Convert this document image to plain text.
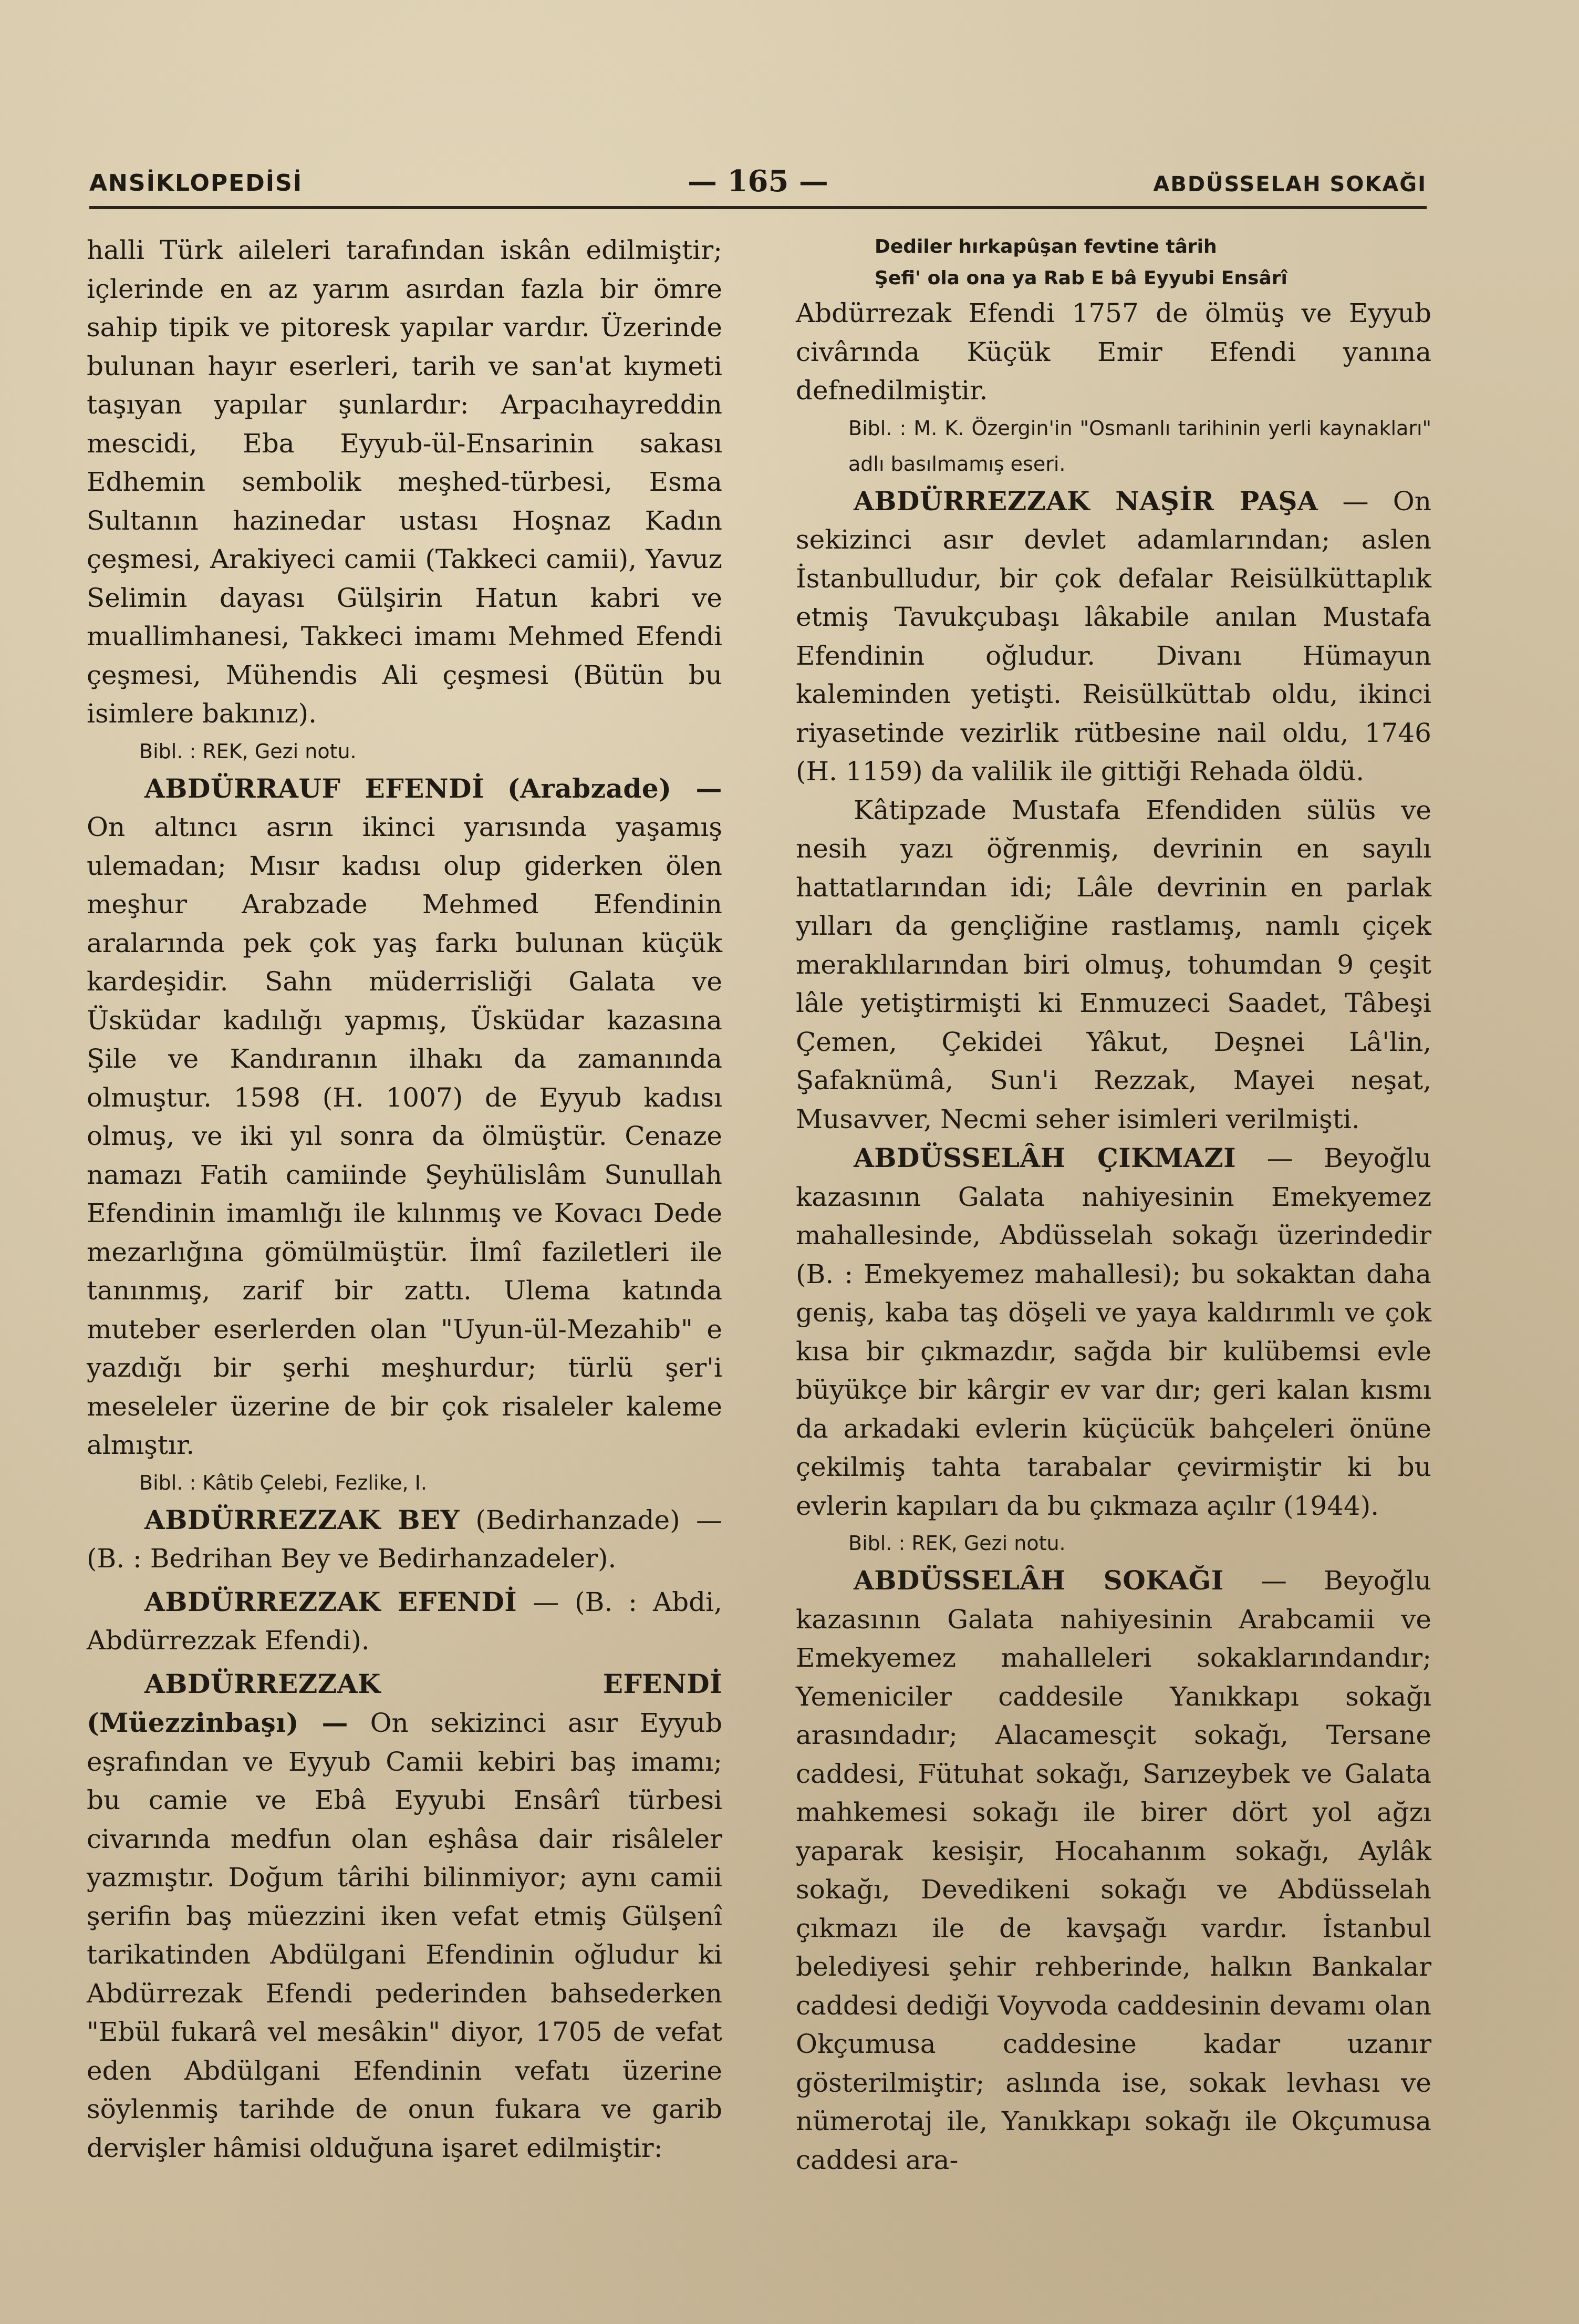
ANSİKLOPEDİSİ	— 165 —	ABDÜSSELAH SOKAĞI

halli Türk aileleri tarafından iskân edilmiştir; içlerinde en az yarım asırdan fazla bir ömre sahip tipik ve pitoresk yapılar vardır. Üzerinde bulunan hayır eserleri, tarih ve san'at kıymeti taşıyan yapılar şunlardır: Arpacıhayreddin mescidi, Eba Eyyub-ül-Ensarinin sakası Edhemin sembolik meşhed-türbesi, Esma Sultanın hazinedar ustası Hoşnaz Kadın çeşmesi, Arakiyeci camii (Takkeci camii), Yavuz Selimin dayası Gülşirin Hatun kabri ve muallimhanesi, Takkeci imamı Mehmed Efendi çeşmesi, Mühendis Ali çeşmesi (Bütün bu isimlere bakınız).

Bibl. : REK, Gezi notu.

ABDÜRRAUF EFENDİ (Arabzade) — On altıncı asrın ikinci yarısında yaşamış ulemadan; Mısır kadısı olup giderken ölen meşhur Arabzade Mehmed Efendinin aralarında pek çok yaş farkı bulunan küçük kardeşidir. Sahn müderrisliği Galata ve Üsküdar kadılığı yapmış, Üsküdar kazasına Şile ve Kandıranın ilhakı da zamanında olmuştur. 1598 (H. 1007) de Eyyub kadısı olmuş, ve iki yıl sonra da ölmüştür. Cenaze namazı Fatih camiinde Şeyhülislâm Sunullah Efendinin imamlığı ile kılınmış ve Kovacı Dede mezarlığına gömülmüştür. İlmî faziletleri ile tanınmış, zarif bir zattı. Ulema katında muteber eserlerden olan "Uyun-ül-Mezahib" e yazdığı bir şerhi meşhurdur; türlü şer'i meseleler üzerine de bir çok risaleler kaleme almıştır.

Bibl. : Kâtib Çelebi, Fezlike, I.

ABDÜRREZZAK BEY (Bedirhanzade) — (B. : Bedrihan Bey ve Bedirhanzadeler).

ABDÜRREZZAK EFENDİ — (B. : Abdi, Abdürrezzak Efendi).

ABDÜRREZZAK EFENDİ (Müezzinbaşı) — On sekizinci asır Eyyub eşrafından ve Eyyub Camii kebiri baş imamı; bu camie ve Ebâ Eyyubi Ensârî türbesi civarında medfun olan eşhâsa dair risâleler yazmıştır. Doğum târihi bilinmiyor; aynı camii şerifin baş müezzini iken vefat etmiş Gülşenî tarikatinden Abdülgani Efendinin oğludur ki Abdürrezak Efendi pederinden bahsederken "Ebül fukarâ vel mesâkin" diyor, 1705 de vefat eden Abdülgani Efendinin vefatı üzerine söylenmiş tarihde de onun fukara ve garib dervişler hâmisi olduğuna işaret edilmiştir:

Dediler hırkapûşan fevtine târih

Şefi' ola ona ya Rab E bâ Eyyubi Ensârî

Abdürrezak Efendi 1757 de ölmüş ve Eyyub civârında Küçük Emir Efendi yanına defnedilmiştir.

Bibl. : M. K. Özergin'in "Osmanlı tarihinin yerli kaynakları" adlı basılmamış eseri.

ABDÜRREZZAK NAŞİR PAŞA — On sekizinci asır devlet adamlarından; aslen İstanbulludur, bir çok defalar Reisülküttaplık etmiş Tavukçubaşı lâkabile anılan Mustafa Efendinin oğludur. Divanı Hümayun kaleminden yetişti. Reisülküttab oldu, ikinci riyasetinde vezirlik rütbesine nail oldu, 1746 (H. 1159) da valilik ile gittiği Rehada öldü.

Kâtipzade Mustafa Efendiden sülüs ve nesih yazı öğrenmiş, devrinin en sayılı hattatlarından idi; Lâle devrinin en parlak yılları da gençliğine rastlamış, namlı çiçek meraklılarından biri olmuş, tohumdan 9 çeşit lâle yetiştirmişti ki Enmuzeci Saadet, Tâbeşi Çemen, Çekidei Yâkut, Deşnei Lâ'lin, Şafaknümâ, Sun'i Rezzak, Mayei neşat, Musavver, Necmi seher isimleri verilmişti.

ABDÜSSELÂH ÇIKMAZI — Beyoğlu kazasının Galata nahiyesinin Emekyemez mahallesinde, Abdüsselah sokağı üzerindedir (B. : Emekyemez mahallesi); bu sokaktan daha geniş, kaba taş döşeli ve yaya kaldırımlı ve çok kısa bir çıkmazdır, sağda bir kulübemsi evle büyükçe bir kârgir ev var dır; geri kalan kısmı da arkadaki evlerin küçücük bahçeleri önüne çekilmiş tahta tarabalar çevirmiştir ki bu evlerin kapıları da bu çıkmaza açılır (1944).

Bibl. : REK, Gezi notu.

ABDÜSSELÂH SOKAĞI — Beyoğlu kazasının Galata nahiyesinin Arabcamii ve Emekyemez mahalleleri sokaklarındandır; Yemeniciler caddesile Yanıkkapı sokağı arasındadır; Alacamesçit sokağı, Tersane caddesi, Fütuhat sokağı, Sarızeybek ve Galata mahkemesi sokağı ile birer dört yol ağzı yaparak kesişir, Hocahanım sokağı, Aylâk sokağı, Devedikeni sokağı ve Abdüsselah çıkmazı ile de kavşağı vardır. İstanbul belediyesi şehir rehberinde, halkın Bankalar caddesi dediği Voyvoda caddesinin devamı olan Okçumusa caddesine kadar uzanır gösterilmiştir; aslında ise, sokak levhası ve nümerotaj ile, Yanıkkapı sokağı ile Okçumusa caddesi ara-
